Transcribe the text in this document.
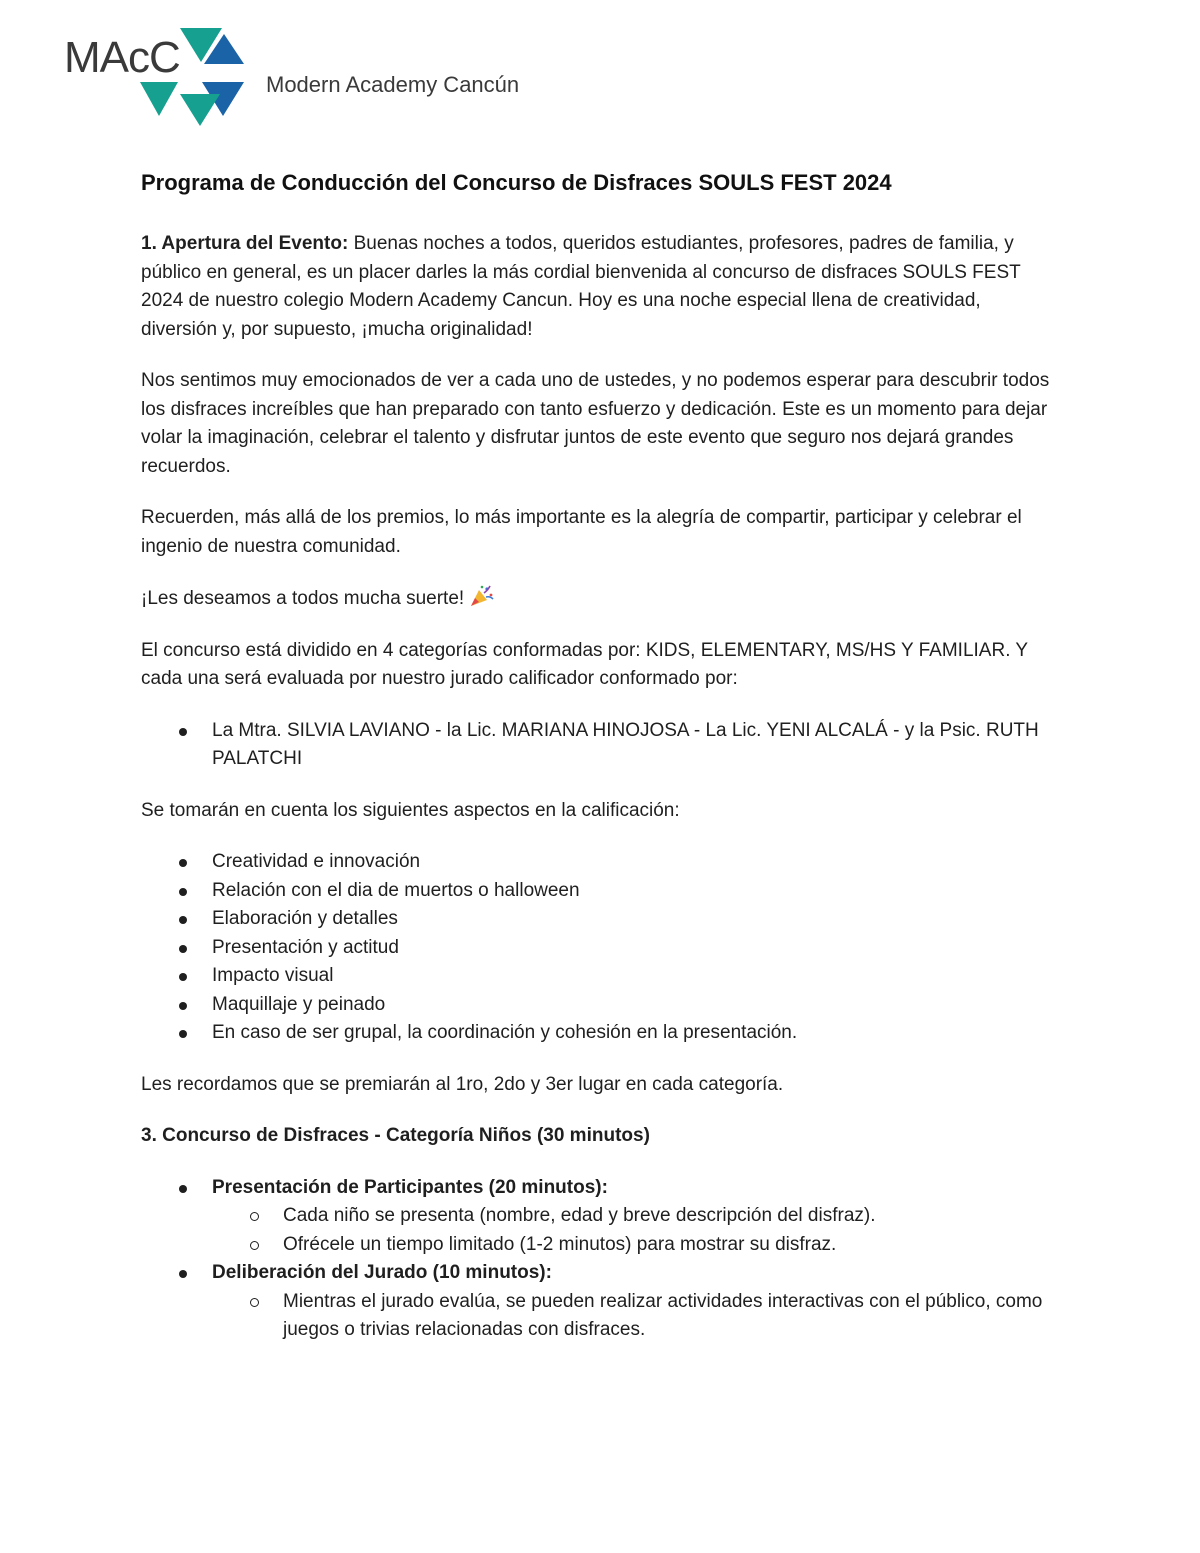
MAcC
Modern Academy Cancún
Programa de Conducción del Concurso de Disfraces SOULS FEST 2024

1. Apertura del Evento: Buenas noches a todos, queridos estudiantes, profesores, padres de familia, y público en general, es un placer darles la más cordial bienvenida al concurso de disfraces SOULS FEST 2024 de nuestro colegio Modern Academy Cancun. Hoy es una noche especial llena de creatividad, diversión y, por supuesto, ¡mucha originalidad!

Nos sentimos muy emocionados de ver a cada uno de ustedes, y no podemos esperar para descubrir todos los disfraces increíbles que han preparado con tanto esfuerzo y dedicación. Este es un momento para dejar volar la imaginación, celebrar el talento y disfrutar juntos de este evento que seguro nos dejará grandes recuerdos.

Recuerden, más allá de los premios, lo más importante es la alegría de compartir, participar y celebrar el ingenio de nuestra comunidad.

¡Les deseamos a todos mucha suerte!

El concurso está dividido en 4 categorías conformadas por: KIDS, ELEMENTARY, MS/HS Y FAMILIAR. Y cada una será evaluada por nuestro jurado calificador conformado por:

La Mtra. SILVIA LAVIANO - la Lic. MARIANA HINOJOSA - La Lic. YENI ALCALÁ - y la Psic. RUTH PALATCHI

Se tomarán en cuenta los siguientes aspectos en la calificación:

Creatividad e innovación
Relación con el dia de muertos o halloween
Elaboración y detalles
Presentación y actitud
Impacto visual
Maquillaje y peinado
En caso de ser grupal, la coordinación y cohesión en la presentación.

Les recordamos que se premiarán al 1ro, 2do y 3er lugar en cada categoría.

3. Concurso de Disfraces - Categoría Niños (30 minutos)
Presentación de Participantes (20 minutos):
Cada niño se presenta (nombre, edad y breve descripción del disfraz).
Ofrécele un tiempo limitado (1-2 minutos) para mostrar su disfraz.
Deliberación del Jurado (10 minutos):
Mientras el jurado evalúa, se pueden realizar actividades interactivas con el público, como juegos o trivias relacionadas con disfraces.
